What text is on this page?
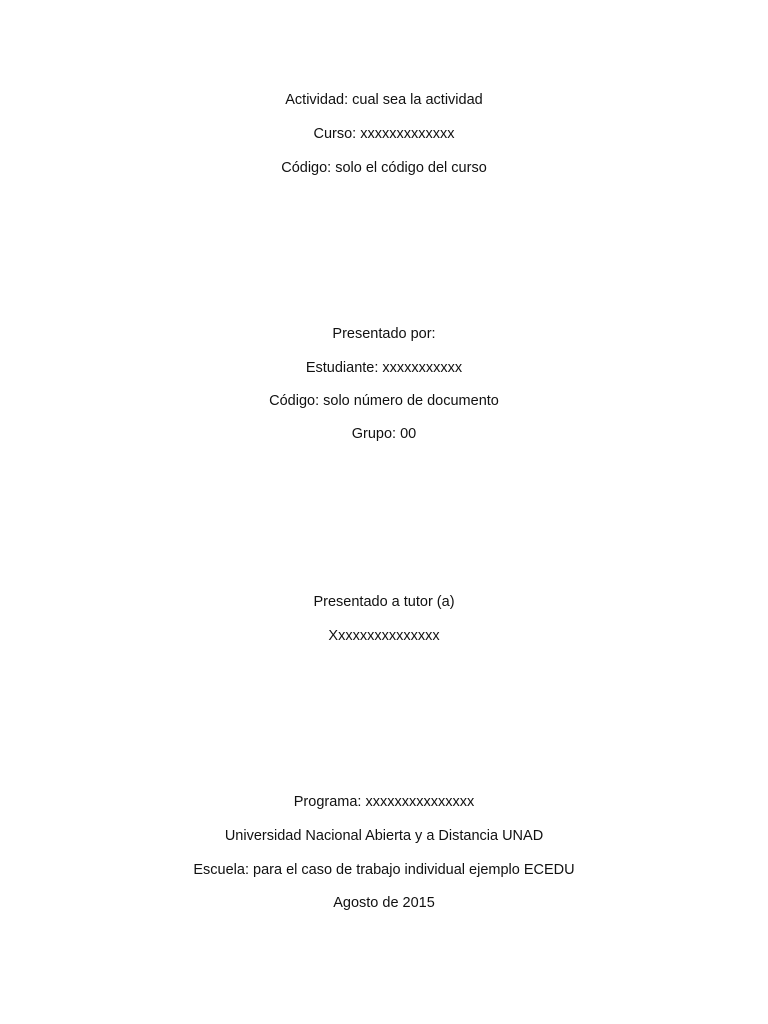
Actividad: cual sea la actividad
Curso: xxxxxxxxxxxxx
Código: solo el código del curso
Presentado por:
Estudiante: xxxxxxxxxxx
Código: solo número de documento
Grupo: 00
Presentado a tutor (a)
Xxxxxxxxxxxxxxx
Programa: xxxxxxxxxxxxxxx
Universidad Nacional Abierta y a Distancia UNAD
Escuela: para el caso de trabajo individual ejemplo ECEDU
Agosto de 2015
